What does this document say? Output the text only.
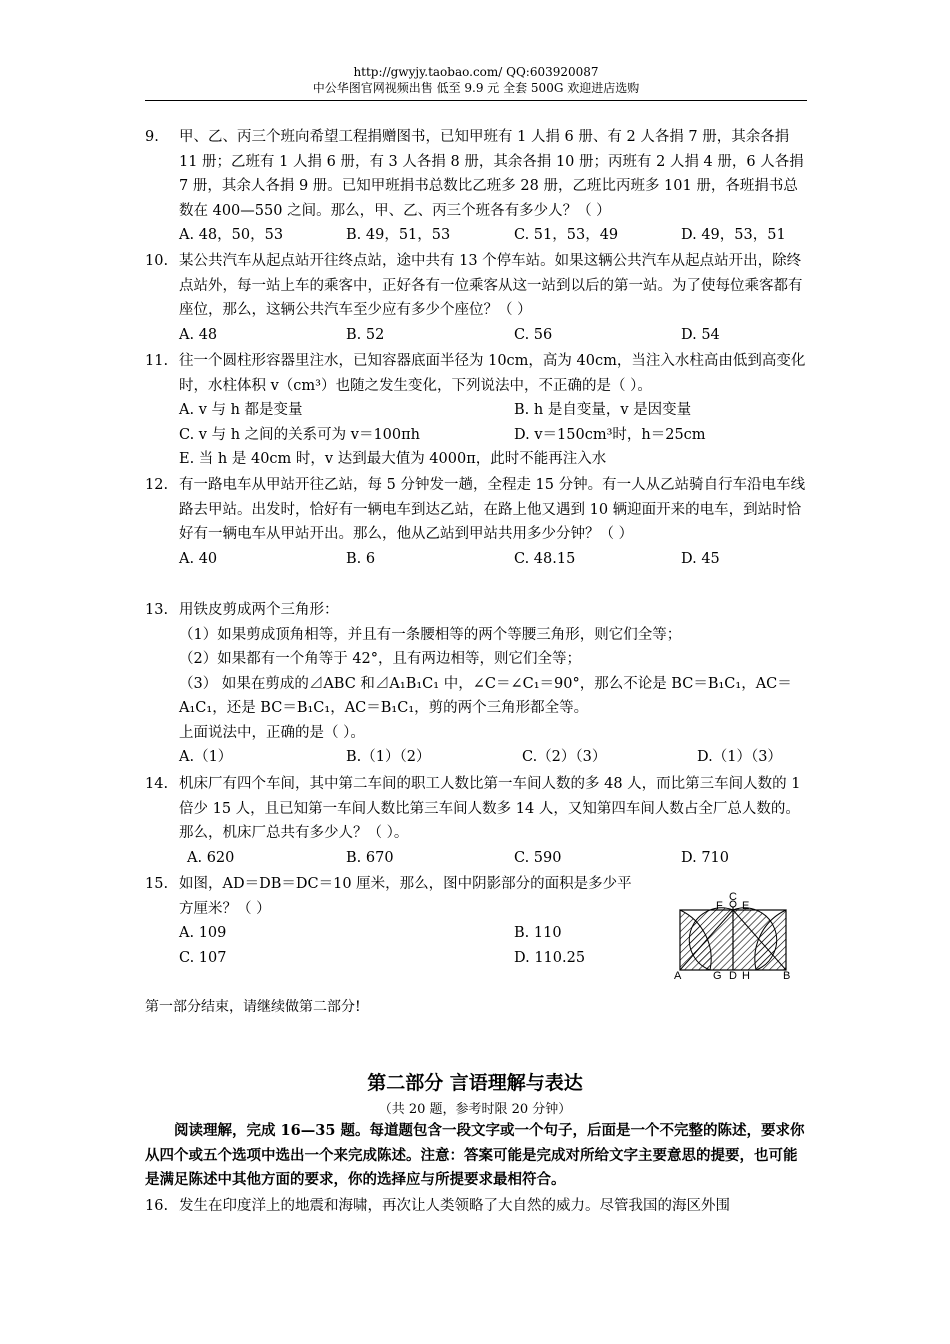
http://gwyjy.taobao.com/ QQ:603920087
中公华图官网视频出售 低至 9.9 元 全套 500G 欢迎进店选购
9.	甲、乙、丙三个班向希望工程捐赠图书，已知甲班有 1 人捐 6 册、有 2 人各捐 7 册，其余各捐 11 册；乙班有 1 人捐 6 册，有 3 人各捐 8 册，其余各捐 10 册；丙班有 2 人捐 4 册，6 人各捐 7 册，其余人各捐 9 册。已知甲班捐书总数比乙班多 28 册，乙班比丙班多 101 册，各班捐书总数在 400—550 之间。那么，甲、乙、丙三个班各有多少人？（ ）
A. 48，50，53	B. 49，51，53	C. 51，53，49	D. 49，53，51
10. 某公共汽车从起点站开往终点站，途中共有 13 个停车站。如果这辆公共汽车从起点站开出，除终点站外，每一站上车的乘客中，正好各有一位乘客从这一站到以后的第一站。为了使每位乘客都有座位，那么，这辆公共汽车至少应有多少个座位？（ ）
A. 48	B. 52	C. 56	D. 54
11. 往一个圆柱形容器里注水，已知容器底面半径为 10cm，高为 40cm，当注入水柱高由低到高变化时，水柱体积 v（cm³）也随之发生变化，下列说法中，不正确的是（ ）。
A. v 与 h 都是变量	B. h 是自变量，v 是因变量
C. v 与 h 之间的关系可为 v＝100πh	D. v＝150cm³时，h＝25cm
E. 当 h 是 40cm 时，v 达到最大值为 4000π，此时不能再注入水
12. 有一路电车从甲站开往乙站，每 5 分钟发一趟，全程走 15 分钟。有一人从乙站骑自行车沿电车线路去甲站。出发时，恰好有一辆电车到达乙站，在路上他又遇到 10 辆迎面开来的电车，到站时恰好有一辆电车从甲站开出。那么，他从乙站到甲站共用多少分钟？（ ）
A. 40	B. 6	C. 48.15	D. 45
13. 用铁皮剪成两个三角形：
（1）如果剪成顶角相等，并且有一条腰相等的两个等腰三角形，则它们全等；
（2）如果都有一个角等于 42°，且有两边相等，则它们全等；
（3） 如果在剪成的⊿ABC 和⊿A₁B₁C₁ 中，∠C＝∠C₁＝90°，那么不论是 BC＝B₁C₁，AC＝A₁C₁，还是 BC＝B₁C₁，AC＝B₁C₁，剪的两个三角形都全等。
上面说法中，正确的是（ ）。
A.（1）	B.（1）（2）	C.（2）（3）	D.（1）（3）
14. 机床厂有四个车间，其中第二车间的职工人数比第一车间人数的多 48 人，而比第三车间人数的 1 倍少 15 人，且已知第一车间人数比第三车间人数多 14 人，又知第四车间人数占全厂总人数的。那么，机床厂总共有多少人？（ ）。
A. 620	B. 670	C. 590	D. 710
15. 如图，AD＝DB＝DC＝10 厘米，那么，图中阴影部分的面积是多少平方厘米？（ ）
A. 109	B. 110
C. 107	D. 110.25
A	B
C
D
E
F
G H
第一部分结束，请继续做第二部分!
第二部分 言语理解与表达
（共 20 题，参考时限 20 分钟）
阅读理解，完成 16—35 题。每道题包含一段文字或一个句子，后面是一个不完整的陈述，要求你从四个或五个选项中选出一个来完成陈述。注意：答案可能是完成对所给文字主要意思的提要，也可能是满足陈述中其他方面的要求，你的选择应与所提要求最相符合。
16. 发生在印度洋上的地震和海啸，再次让人类领略了大自然的威力。尽管我国的海区外围
